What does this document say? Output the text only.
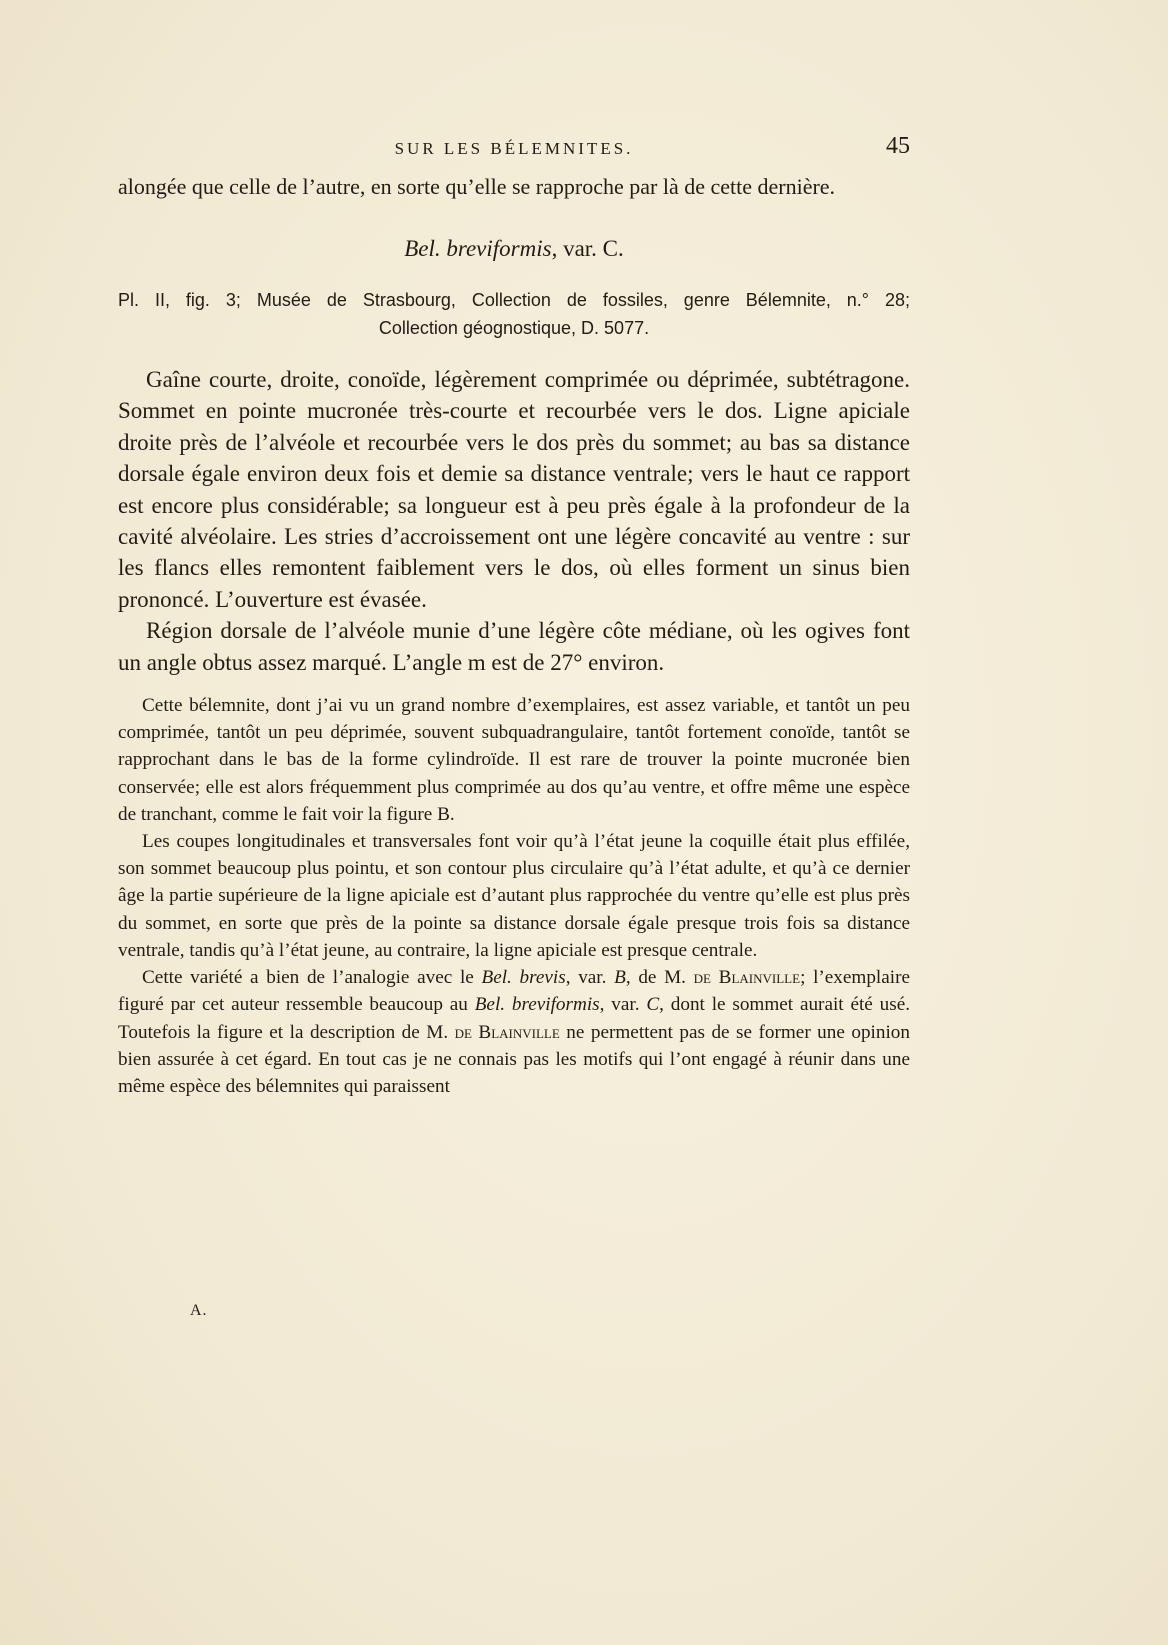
SUR LES BÉLEMNITES.	45

alongée que celle de l’autre, en sorte qu’elle se rapproche par là de cette dernière.

Bel. breviformis, var. C.
Pl. II, fig. 3; Musée de Strasbourg, Collection de fossiles, genre Bélemnite, n.° 28;
Collection géognostique, D. 5077.

Gaîne courte, droite, conoïde, légèrement comprimée ou déprimée, subtétragone. Sommet en pointe mucronée très-courte et recourbée vers le dos. Ligne apiciale droite près de l’alvéole et recourbée vers le dos près du sommet; au bas sa distance dorsale égale environ deux fois et demie sa distance ventrale; vers le haut ce rapport est encore plus considérable; sa longueur est à peu près égale à la profondeur de la cavité alvéolaire. Les stries d’accroissement ont une légère concavité au ventre : sur les flancs elles remontent faiblement vers le dos, où elles forment un sinus bien prononcé. L’ouverture est évasée.

Région dorsale de l’alvéole munie d’une légère côte médiane, où les ogives font un angle obtus assez marqué. L’angle m est de 27° environ.

Cette bélemnite, dont j’ai vu un grand nombre d’exemplaires, est assez variable, et tantôt un peu comprimée, tantôt un peu déprimée, souvent subquadrangulaire, tantôt fortement conoïde, tantôt se rapprochant dans le bas de la forme cylindroïde. Il est rare de trouver la pointe mucronée bien conservée; elle est alors fréquemment plus comprimée au dos qu’au ventre, et offre même une espèce de tranchant, comme le fait voir la figure B.

Les coupes longitudinales et transversales font voir qu’à l’état jeune la coquille était plus effilée, son sommet beaucoup plus pointu, et son contour plus circulaire qu’à l’état adulte, et qu’à ce dernier âge la partie supérieure de la ligne apiciale est d’autant plus rapprochée du ventre qu’elle est plus près du sommet, en sorte que près de la pointe sa distance dorsale égale presque trois fois sa distance ventrale, tandis qu’à l’état jeune, au contraire, la ligne apiciale est presque centrale.

Cette variété a bien de l’analogie avec le Bel. brevis, var. B, de M. de Blainville; l’exemplaire figuré par cet auteur ressemble beaucoup au Bel. breviformis, var. C, dont le sommet aurait été usé. Toutefois la figure et la description de M. de Blainville ne permettent pas de se former une opinion bien assurée à cet égard. En tout cas je ne connais pas les motifs qui l’ont engagé à réunir dans une même espèce des bélemnites qui paraissent

A.
